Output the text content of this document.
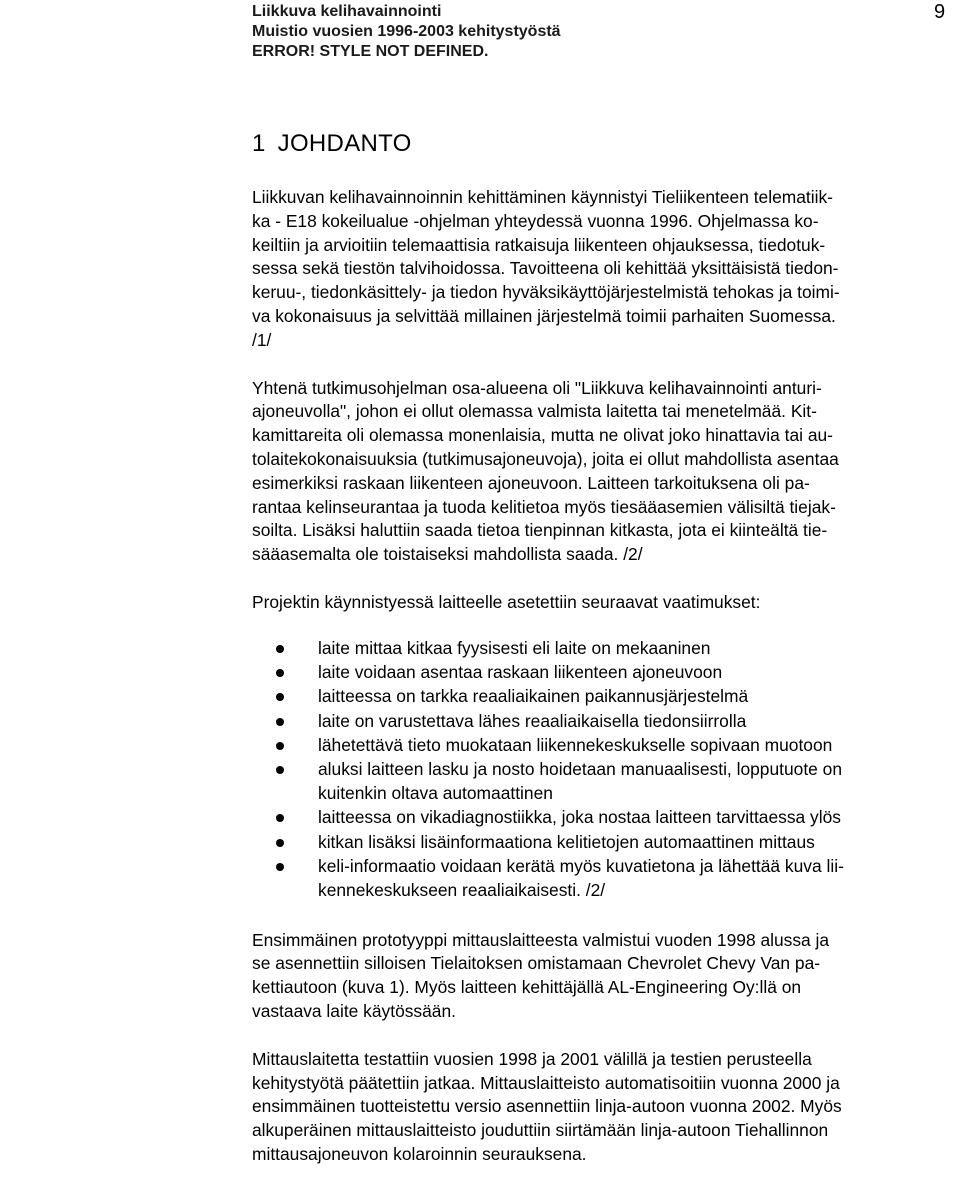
Liikkuva kelihavainnointi
Muistio vuosien 1996-2003 kehitystyöstä
ERROR! STYLE NOT DEFINED.
9
1 JOHDANTO

Liikkuvan kelihavainnoinnin kehittäminen käynnistyi Tieliikenteen telematiik-
ka - E18 kokeilualue -ohjelman yhteydessä vuonna 1996. Ohjelmassa ko-
keiltiin ja arvioitiin telemaattisia ratkaisuja liikenteen ohjauksessa, tiedotuk-
sessa sekä tiestön talvihoidossa. Tavoitteena oli kehittää yksittäisistä tiedon-
keruu-, tiedonkäsittely- ja tiedon hyväksikäyttöjärjestelmistä tehokas ja toimi-
va kokonaisuus ja selvittää millainen järjestelmä toimii parhaiten Suomessa.
/1/

Yhtenä tutkimusohjelman osa-alueena oli "Liikkuva kelihavainnointi anturi-
ajoneuvolla", johon ei ollut olemassa valmista laitetta tai menetelmää. Kit-
kamittareita oli olemassa monenlaisia, mutta ne olivat joko hinattavia tai au-
tolaitekokonaisuuksia (tutkimusajoneuvoja), joita ei ollut mahdollista asentaa
esimerkiksi raskaan liikenteen ajoneuvoon. Laitteen tarkoituksena oli pa-
rantaa kelinseurantaa ja tuoda kelitietoa myös tiesääasemien välisiltä tiejak-
soilta. Lisäksi haluttiin saada tietoa tienpinnan kitkasta, jota ei kiinteältä tie-
sääasemalta ole toistaiseksi mahdollista saada. /2/

Projektin käynnistyessä laitteelle asetettiin seuraavat vaatimukset:

laite mittaa kitkaa fyysisesti eli laite on mekaaninen
laite voidaan asentaa raskaan liikenteen ajoneuvoon
laitteessa on tarkka reaaliaikainen paikannusjärjestelmä
laite on varustettava lähes reaaliaikaisella tiedonsiirrolla
lähetettävä tieto muokataan liikennekeskukselle sopivaan muotoon
aluksi laitteen lasku ja nosto hoidetaan manuaalisesti, lopputuote on
kuitenkin oltava automaattinen
laitteessa on vikadiagnostiikka, joka nostaa laitteen tarvittaessa ylös
kitkan lisäksi lisäinformaationa kelitietojen automaattinen mittaus
keli-informaatio voidaan kerätä myös kuvatietona ja lähettää kuva lii-
kennekeskukseen reaaliaikaisesti. /2/

Ensimmäinen prototyyppi mittauslaitteesta valmistui vuoden 1998 alussa ja
se asennettiin silloisen Tielaitoksen omistamaan Chevrolet Chevy Van pa-
kettiautoon (kuva 1). Myös laitteen kehittäjällä AL-Engineering Oy:llä on
vastaava laite käytössään.

Mittauslaitetta testattiin vuosien 1998 ja 2001 välillä ja testien perusteella
kehitystyötä päätettiin jatkaa. Mittauslaitteisto automatisoitiin vuonna 2000 ja
ensimmäinen tuotteistettu versio asennettiin linja-autoon vuonna 2002. Myös
alkuperäinen mittauslaitteisto jouduttiin siirtämään linja-autoon Tiehallinnon
mittausajoneuvon kolaroinnin seurauksena.
